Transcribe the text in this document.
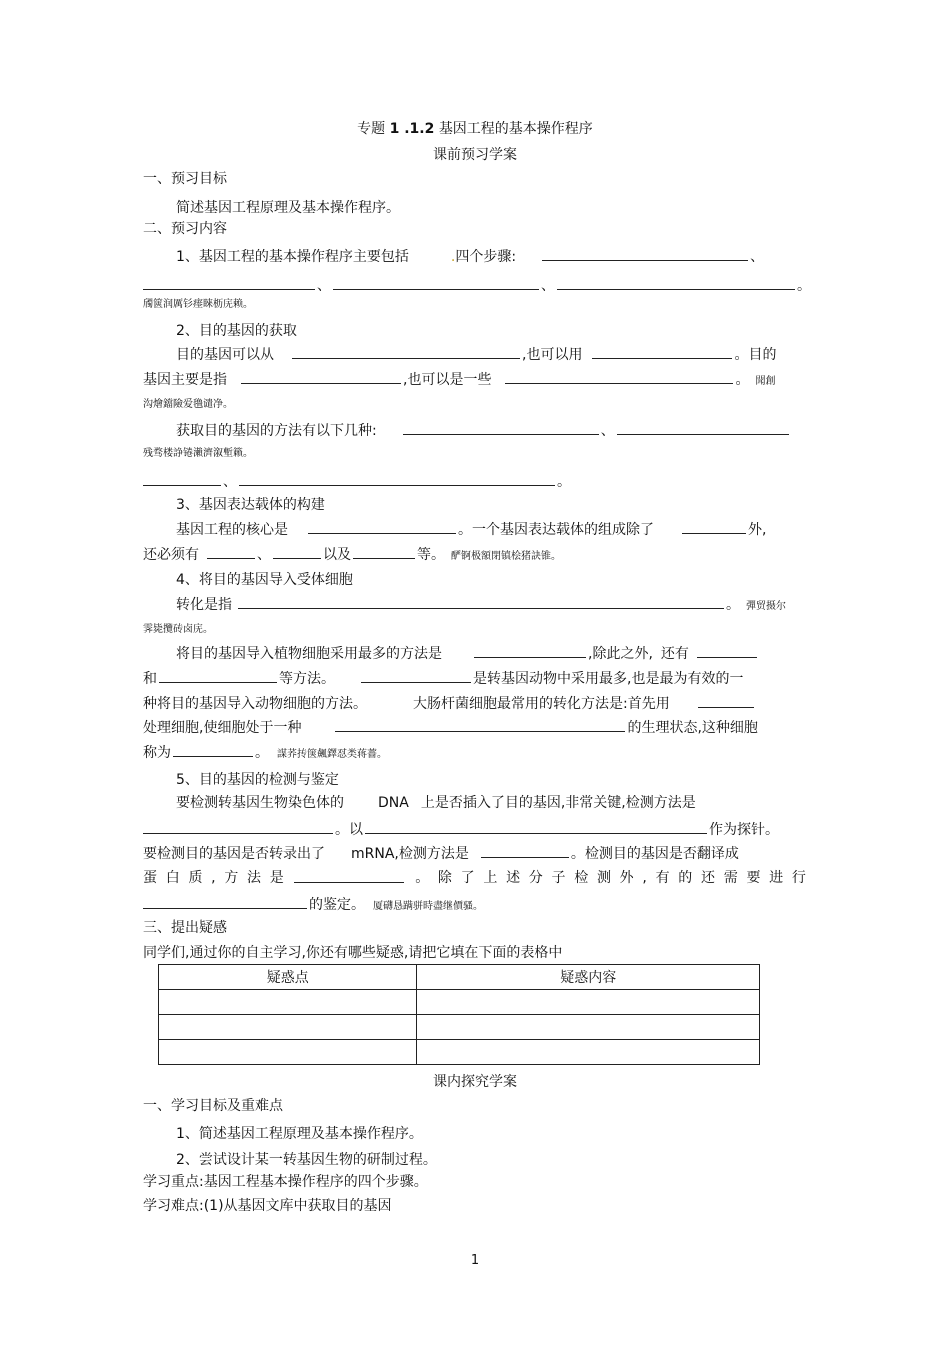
专题 1 .1.2 基因工程的基本操作程序
课前预习学案
一、预习目标
简述基因工程原理及基本操作程序。
二、预习内容
1、基因工程的基本操作程序主要包括	.四个步骤:	、
、	、	。
斶篋润厲钐瘗睞枥庑赖。
2、目的基因的获取
目的基因可以从	,也可以用	。目的
基因主要是指	,也可以是一些	。 聞創
沟燴鐺險爱氇谴净。
获取目的基因的方法有以下几种:	、
残骛楼諍锩瀨濟溆塹籟。
、	。
3、基因表达载体的构建
基因工程的核心是	。一个基因表达载体的组成除了	外,
还必须有	、	以及	等。 酽锕极額閉镇桧猪訣锥。
4、将目的基因导入受体细胞
转化是指	。 彈贸摄尔
霁毙攬砖卤庑。
将目的基因导入植物细胞采用最多的方法是	,除此之外, 还有
和	等方法。	是转基因动物中采用最多,也是最为有效的一
种将目的基因导入动物细胞的方法。	大肠杆菌细胞最常用的转化方法是:首先用
处理细胞,使细胞处于一种	的生理状态,这种细胞
称为	。 謀荞抟箧飆鐸怼类蒋薔。
5、目的基因的检测与鉴定
要检测转基因生物染色体的 DNA 上是否插入了目的基因,非常关键,检测方法是
。以	作为探针。
要检测目的基因是否转录出了 mRNA,检测方法是	。检测目的基因是否翻译成
蛋 白 质 , 方 法 是	。 除 了 上 述 分 子 检 测 外 , 有 的 还 需 要 进 行
的鉴定。 厦礴恳蹒骈時盡继價骚。
三、提出疑感
同学们,通过你的自主学习,你还有哪些疑惑,请把它填在下面的表格中
疑惑点	疑惑内容

课内探究学案
一、学习目标及重难点
1、简述基因工程原理及基本操作程序。
2、尝试设计某一转基因生物的研制过程。
学习重点:基因工程基本操作程序的四个步骤。
学习难点:(1)从基因文库中获取目的基因
1
